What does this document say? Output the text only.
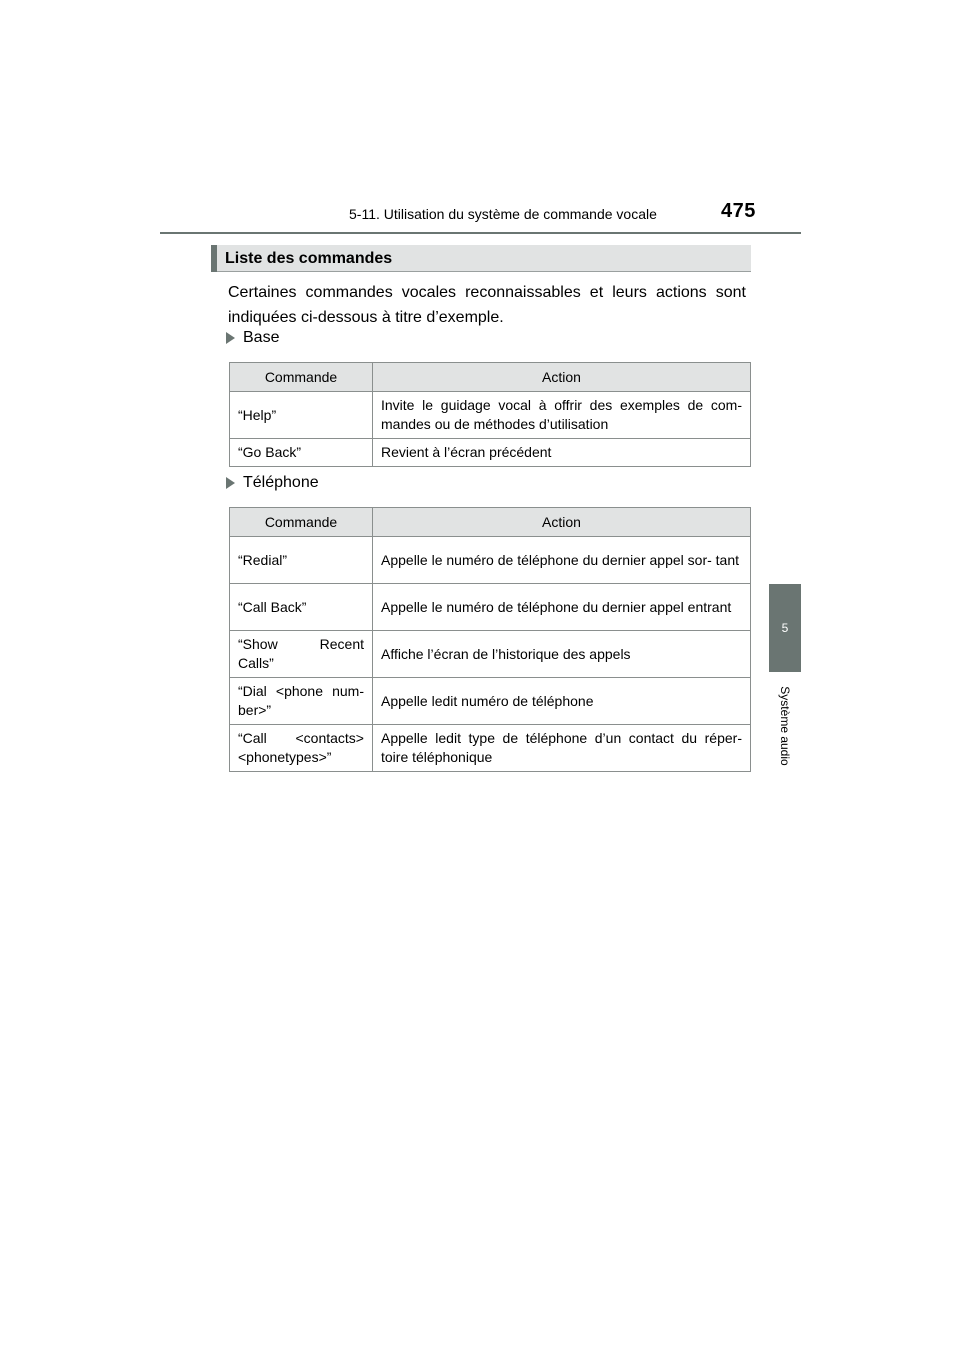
5-11. Utilisation du système de commande vocale	475
5
Système audio
Liste des commandes
Certaines commandes vocales reconnaissables et leurs actions sont indiquées ci-dessous à titre d’exemple.
Base
Commande	Action
“Help”	Invite le guidage vocal à offrir des exemples de com- mandes ou de méthodes d’utilisation
“Go Back”	Revient à l’écran précédent
Téléphone
Commande	Action
“Redial”	Appelle le numéro de téléphone du dernier appel sor- tant
“Call Back”	Appelle le numéro de téléphone du dernier appel entrant
“Show Recent Calls”	Affiche l’écran de l’historique des appels
“Dial <phone num- ber>”	Appelle ledit numéro de téléphone
“Call <contacts> <phonetypes>”	Appelle ledit type de téléphone d’un contact du réper- toire téléphonique
